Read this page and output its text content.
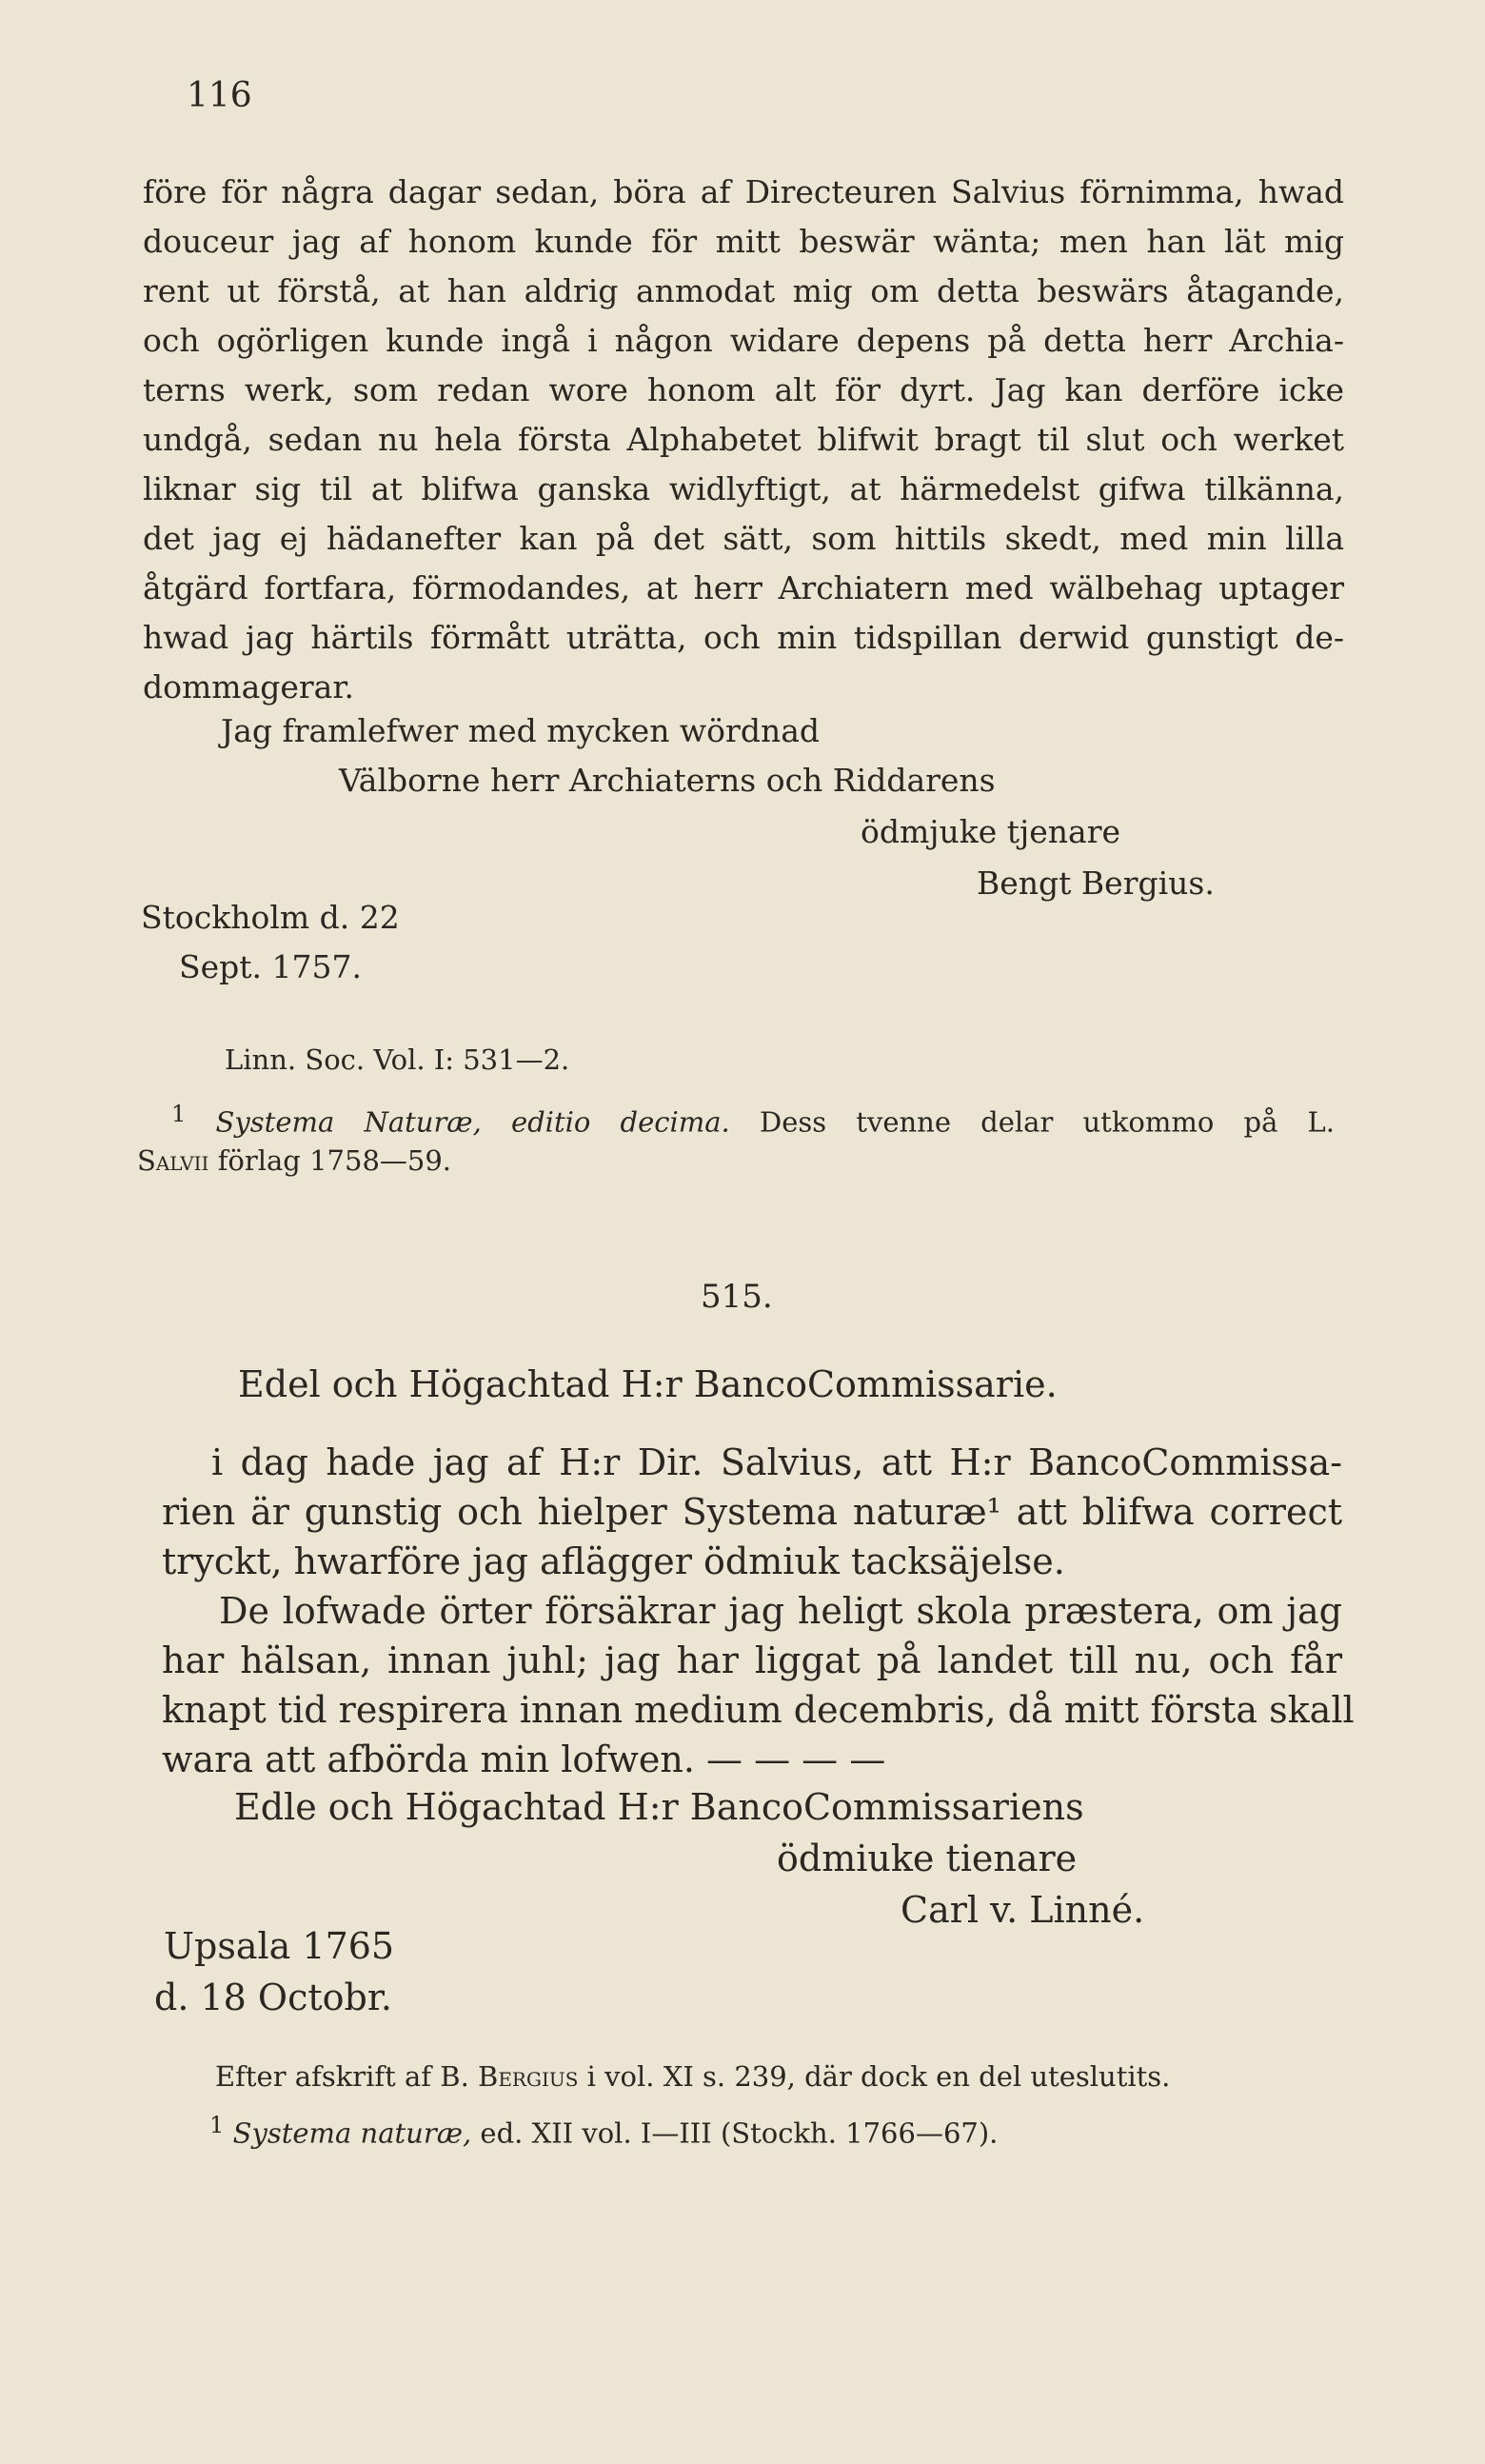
116
före för några dagar sedan, böra af Directeuren Salvius förnimma, hwad
douceur jag af honom kunde för mitt beswär wänta; men han lät mig
rent ut förstå, at han aldrig anmodat mig om detta beswärs åtagande,
och ogörligen kunde ingå i någon widare depens på detta herr Archia-
terns werk, som redan wore honom alt för dyrt. Jag kan derföre icke
undgå, sedan nu hela första Alphabetet blifwit bragt til slut och werket
liknar sig til at blifwa ganska widlyftigt, at härmedelst gifwa tilkänna,
det jag ej hädanefter kan på det sätt, som hittils skedt, med min lilla
åtgärd fortfara, förmodandes, at herr Archiatern med wälbehag uptager
hwad jag härtils förmått uträtta, och min tidspillan derwid gunstigt de-
dommagerar.
Jag framlefwer med mycken wördnad
Välborne herr Archiaterns och Riddarens
ödmjuke tjenare
Bengt Bergius.
Stockholm d. 22
Sept. 1757.
Linn. Soc. Vol. I: 531—2.
$^1$ Systema Naturæ, editio decima. Dess tvenne delar utkommo på L.
Salvii förlag 1758—59.
515.
Edel och Högachtad H:r BancoCommissarie.
i dag hade jag af H:r Dir. Salvius, att H:r BancoCommissa-
rien är gunstig och hielper Systema naturæ¹ att blifwa correct
tryckt, hwarföre jag aflägger ödmiuk tacksäjelse.
De lofwade örter försäkrar jag heligt skola præstera, om jag
har hälsan, innan juhl; jag har liggat på landet till nu, och får
knapt tid respirera innan medium decembris, då mitt första skall
wara att afbörda min lofwen. — — — —
Edle och Högachtad H:r BancoCommissariens
ödmiuke tienare
Carl v. Linné.
Upsala 1765
d. 18 Octobr.
Efter afskrift af B. Bergius i vol. XI s. 239, där dock en del uteslutits.
$^1$ Systema naturæ, ed. XII vol. I—III (Stockh. 1766—67).
